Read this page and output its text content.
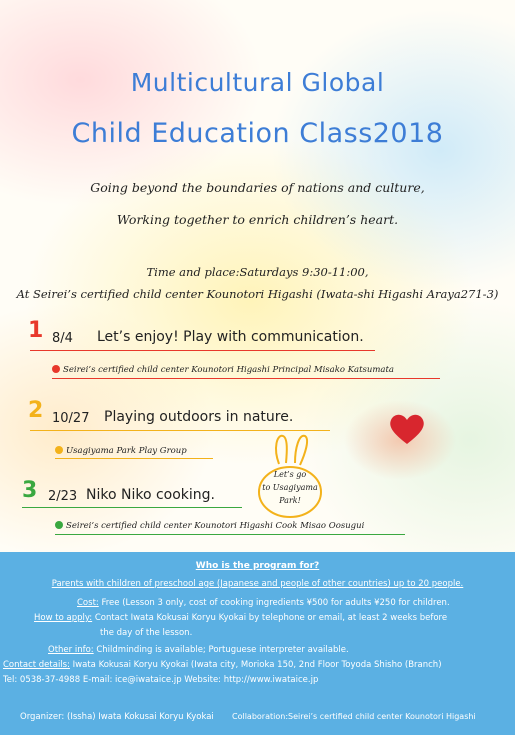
Multicultural Global
Child Education Class2018
Going beyond the boundaries of nations and culture,
Working together to enrich children’s heart.
Time and place:Saturdays 9:30-11:00,
At Seirei’s certified child center Kounotori Higashi (Iwata-shi Higashi Araya271-3)
1 8/4 Let’s enjoy! Play with communication.
Seirei’s certified child center Kounotori Higashi Principal Misako Katsumata
2 10/27 Playing outdoors in nature.
Usagiyama Park Play Group
3 2/23 Niko Niko cooking.
Seirei’s certified child center Kounotori Higashi Cook Misao Oosugui
Let’s go
to Usagiyama
Park!
Who is the program for?
Parents with children of preschool age (Japanese and people of other countries) up to 20 people.
Cost: Free (Lesson 3 only, cost of cooking ingredients ¥500 for adults ¥250 for children.
How to apply: Contact Iwata Kokusai Koryu Kyokai by telephone or email, at least 2 weeks before
the day of the lesson.
Other info: Childminding is available; Portuguese interpreter available.
Contact details: Iwata Kokusai Koryu Kyokai (Iwata city, Morioka 150, 2nd Floor Toyoda Shisho (Branch)
Tel: 0538-37-4988 E-mail: ice@iwataice.jp Website: http://www.iwataice.jp
Organizer: (Issha) Iwata Kokusai Koryu Kyokai Collaboration:Seirei’s certified child center Kounotori Higashi
